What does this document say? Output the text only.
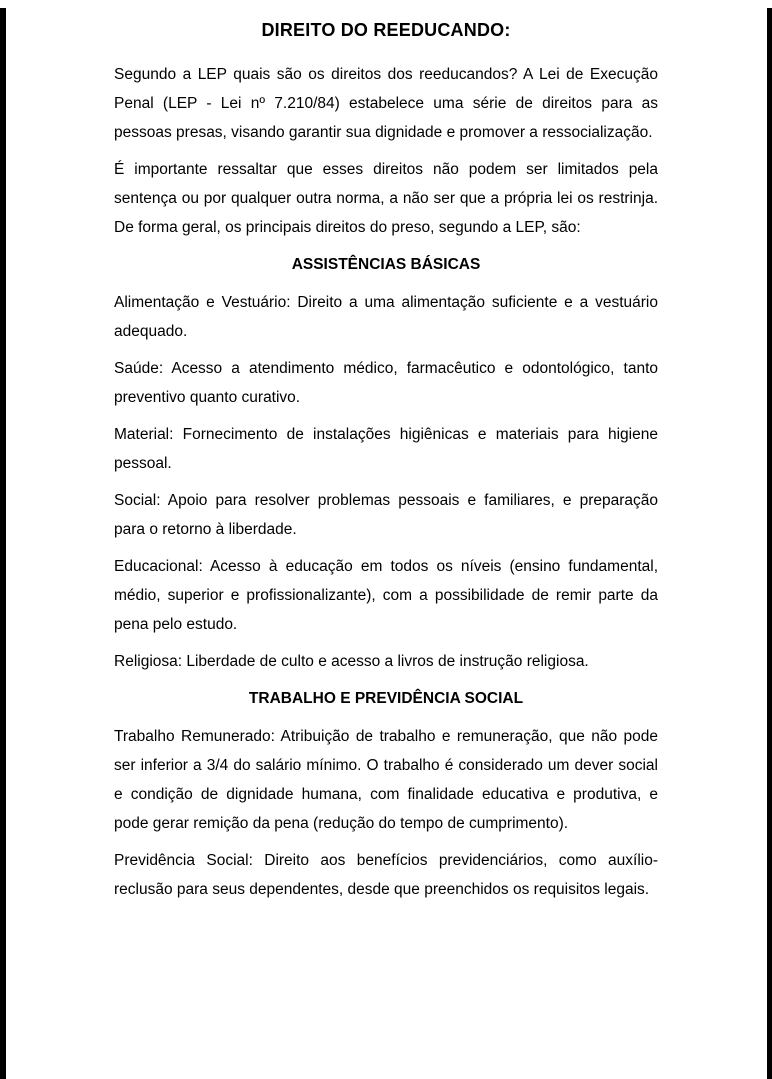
DIREITO DO REEDUCANDO:

Segundo a LEP quais são os direitos dos reeducandos? A Lei de Execução Penal (LEP - Lei nº 7.210/84) estabelece uma série de direitos para as pessoas presas, visando garantir sua dignidade e promover a ressocialização.

É importante ressaltar que esses direitos não podem ser limitados pela sentença ou por qualquer outra norma, a não ser que a própria lei os restrinja. De forma geral, os principais direitos do preso, segundo a LEP, são:

ASSISTÊNCIAS BÁSICAS

Alimentação e Vestuário: Direito a uma alimentação suficiente e a vestuário adequado.

Saúde: Acesso a atendimento médico, farmacêutico e odontológico, tanto preventivo quanto curativo.

Material: Fornecimento de instalações higiênicas e materiais para higiene pessoal.

Social: Apoio para resolver problemas pessoais e familiares, e preparação para o retorno à liberdade.

Educacional: Acesso à educação em todos os níveis (ensino fundamental, médio, superior e profissionalizante), com a possibilidade de remir parte da pena pelo estudo.

Religiosa: Liberdade de culto e acesso a livros de instrução religiosa.

TRABALHO E PREVIDÊNCIA SOCIAL

Trabalho Remunerado: Atribuição de trabalho e remuneração, que não pode ser inferior a 3/4 do salário mínimo. O trabalho é considerado um dever social e condição de dignidade humana, com finalidade educativa e produtiva, e pode gerar remição da pena (redução do tempo de cumprimento).

Previdência Social: Direito aos benefícios previdenciários, como auxílio-reclusão para seus dependentes, desde que preenchidos os requisitos legais.
